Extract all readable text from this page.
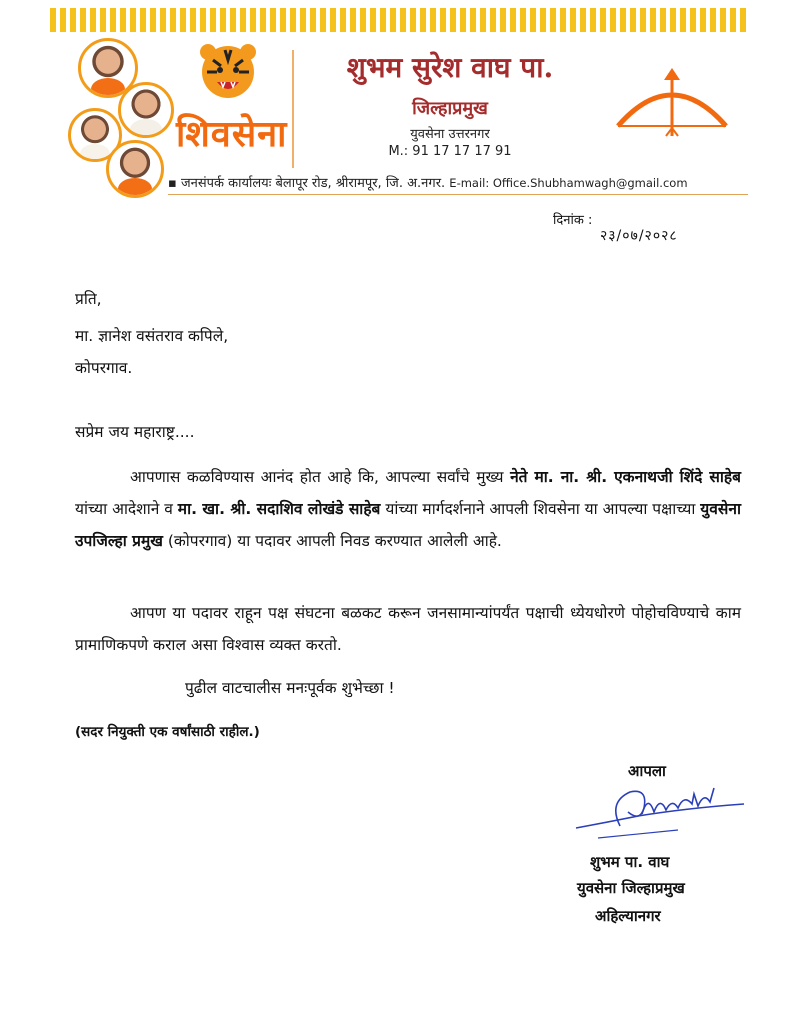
शिवसेना
शुभम सुरेश वाघ पा.
जिल्हाप्रमुख
युवसेना उत्तरनगर
M.: 91 17 17 17 91
▪ जनसंपर्क कार्यालयः बेलापूर रोड, श्रीरामपूर, जि. अ.नगर. E-mail: Office.Shubhamwagh@gmail.com
दिनांक :
२३/०७/२०२८
प्रति,
मा. ज्ञानेश वसंतराव कपिले,
कोपरगाव.
सप्रेम जय महाराष्ट्र....
आपणास कळविण्यास आनंद होत आहे कि, आपल्या सर्वांचे मुख्य नेते मा. ना. श्री. एकनाथजी शिंदे साहेब यांच्या आदेशाने व मा. खा. श्री. सदाशिव लोखंडे साहेब यांच्या मार्गदर्शनाने आपली शिवसेना या आपल्या पक्षाच्या युवसेना उपजिल्हा प्रमुख (कोपरगाव) या पदावर आपली निवड करण्यात आलेली आहे.
आपण या पदावर राहून पक्ष संघटना बळकट करून जनसामान्यांपर्यंत पक्षाची ध्येयधोरणे पोहोचविण्याचे काम प्रामाणिकपणे कराल असा विश्वास व्यक्त करतो.
पुढील वाटचालीस मनःपूर्वक शुभेच्छा !
(सदर नियुक्ती एक वर्षांसाठी राहील.)
आपला
शुभम पा. वाघ
युवसेना जिल्हाप्रमुख
अहिल्यानगर
